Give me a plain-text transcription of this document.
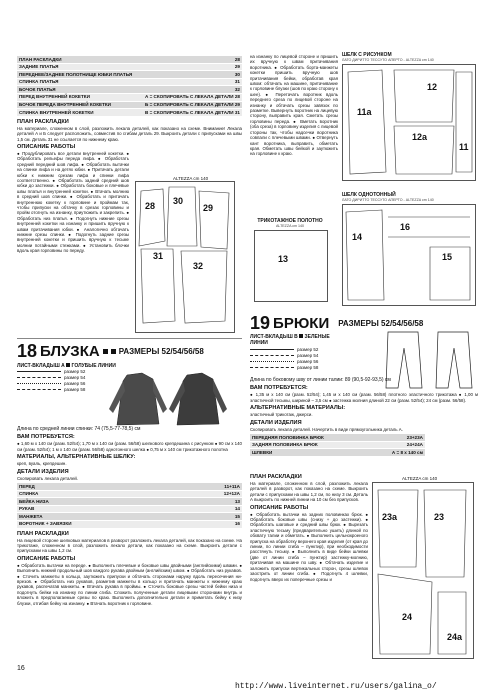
ПЛАН РАСКЛАДКИ	28
ЗАДНИЕ ПЛАТЬЯ	29
ПЕРЕДНЕЕ/ЗАДНЕЕ ПОЛОТНИЩЕ ЮБКИ ПЛАТЬЯ	30
СПИНКА ПЛАТЬЯ	31
БОЧОК ПЛАТЬЯ	32
ПЕРЕД ВНУТРЕННЕЙ КОКЕТКИ	А = СКОПИРОВАТЬ С ЛЕКАЛА ДЕТАЛИ 28
БОЧОК ПЕРЕДА ВНУТРЕННЕЙ КОКЕТКИ	Б = СКОПИРОВАТЬ С ЛЕКАЛА ДЕТАЛИ 29
СПИНКА ВНУТРЕННЕЙ КОКЕТКИ	В = СКОПИРОВАТЬ С ЛЕКАЛА ДЕТАЛИ 31
ПЛАН РАСКЛАДКИ

На материале, сложенном в слой, разложить лекала деталей, как показано на схеме. Внимание! Лекала деталей А и Б следует расположить, совместив по сгибам деталь 29. Выкроить детали с припусками на швы 1,5 см. Деталь 31 не ссылается по нижнему краю.

ОПИСАНИЕ РАБОТЫ

● Продублировать все детали внутренней кокетки. ● Обработать рельефы переда лифа. ● Обработать средний передний шов лифа. ● Обработать вытачки на спинке лифа и на детях юбки. ● Притачать детали юбки к нижним срезам лифа и спинки лифа соответственно. ● Обработать задний средний шов юбки до застежки. ● Обработать боковые и плечевые швы платья и внутренней кокетки. ● Втачать молнию в средний шов спинки. ● Обработать и притачать внутреннюю кокетку к горловине и проймам так, чтобы припуски на обтачку в срезах горловины и пройм отогнуть на изнанку, приутюжить и закрепить. ● Обработать низ платья. ● Подогнуть нижние срезы внутренней кокетки на изнанку и пришить вручную к швам притачивания юбки. ● Аналогично обтачать нижние срезы спинки. ● Подогнуть задние срезы внутренней кокетки и пришить вручную к тесьме молнии потайными стежками. ● Установить блочки вдоль края горловины по переду.

ALTEZZA cm 140
28 30
29
31
32
18 БЛУЗКА РАЗМЕРЫ 52/54/56/58
ЛИСТ-ВКЛАДЫШ А ГОЛУБЫЕ ЛИНИИ
размер 52
размер 54
размер 56
размер 58

Длина по средней линии спинки: 74 (75,5-77-78,5) см

ВАМ ПОТРЕБУЕТСЯ:

● 1,60 м х 140 см (разм. 52/54); 1,70 м х 140 см (разм. 56/58) шелкового крепдешина с рисунком ● 90 см х 140 см (разм. 52/54); 1 м х 140 см (разм. 56/58) однотонного шелка ● 0,75 м х 140 см трикотажного полотна

МАТЕРИАЛЫ, АЛЬТЕРНАТИВНЫЕ ШЕЛКУ:

креп, вуаль, крепдешин.

ДЕТАЛИ ИЗДЕЛИЯ

Скопировать лекала деталей.

ПЕРЕД	11+11А
СПИНКА	12+12А
БЕЙКА НИЗА	13
РУКАВ	14
МАНЖЕТА	15
ВОРОТНИК + ЗАВЯЗКИ	16
ПЛАН РАСКЛАДКИ

На лицевой стороне шелковых материалов в разворот разложить лекала деталей, как показано на схеме. На трикотаже, сложенном в слой, разложить лекало детали, как показано на схеме. Выкроить детали с припусками на швы 1,2 см.

ОПИСАНИЕ РАБОТЫ

● Обработать вытачки на переде. ● Выполнить плечевые и боковые швы двойными (английскими) швами. ● Выполнить нижний продольный шов каждого рукава двойным (английским) швом. ● Обработать низ рукавов. ● Сточить манжеты в кольцо, заутюжить припуски и обтачать сторонами наружу вдоль пересечения ни-врезов. ● Обработать низ рукавов, разметив манжеты в кольцо и притачать манжеты к нижнему краю рукавов, распечатав манжеты. ● Втачать рукава в проймы. ● Сточить боковые срезы частей бейки низа и подогнуть бейки на изнанку по линии сгиба. Сложить полученные детали лицевыми сторонами внутрь и вложить в предполагаемые срезы по краю. Выполнить дополнительно детали и приметать бейку к низу блузки, отгибая бейку на изнанку. ● Втачать воротник к горловине.

на изнанку по лицевой стороне и пришить их вручную к швам притачивания воротника. ● Обработать борта-манжеты кокетки пришить вручную шов притачивания бейки, обработав края швом: обтачать на машине, притачивание к горловине блузки (шов по краю сторону к шее). ● Перетачать воротник вдоль переднего среза по лицевой стороне на изнанку и обтачать срезы завязок по разметке. Вывернуть воротник на лицевую сторону, выправить края. Сметать срезы горловины переда. ● Вметать воротник (оба среза) в горловину изделия с лицевой стороны так, чтобы надсечки воротника совпали с плечевыми швами. ● Отвернуть кант воротника, выправить, обметать края. Обметать швы бейкой и заутюжить на горловине к краю.

ШЕЛК С РИСУНКОМ
ЛАТО ДИРИТТО ТЕССУТО АПЕРТО - ALTEZZA cm 140
11a
12
12a
11
ТРИКОТАЖНОЕ ПОЛОТНО
ALTEZZA cm 140
13
ШЕЛК ОДНОТОННЫЙ
ЛАТО ДИРИТТО ТЕССУТО АПЕРТО - ALTEZZA cm 140
14
16
15
19 БРЮКИ РАЗМЕРЫ 52/54/56/58
ЛИСТ-ВКЛАДЫШ В ЗЕЛЕНЫЕ ЛИНИИ
размер 52
размер 54
размер 56
размер 58

Длина по боковому шву от линии талии: 89 (90,5-92-93,5) см

ВАМ ПОТРЕБУЕТСЯ:

● 1,35 м х 140 см (разм. 52/54); 1,45 м х 140 см (разм. 56/58) плотного эластичного трикотажа ● 1,00 м эластичной тесьмы, шириной – 3,5 см ● застежка молния длиной 22 см (разм. 52/54); 24 см (разм. 56/58).

АЛЬТЕРНАТИВНЫЕ МАТЕРИАЛЫ:

эластичный трикотаж, джерси.

ДЕТАЛИ ИЗДЕЛИЯ

Скопировать лекала деталей. Начертить в виде прямоугольника деталь А.

ПЕРЕДНЯЯ ПОЛОВИНКА БРЮК	23+23А
ЗАДНЯЯ ПОЛОВИНКА БРЮК	24+24А
ШЛЕВКИ	А = 8 x 140 см
ПЛАН РАСКЛАДКИ

На материале, сложенном в слой, разложить лекала деталей в разворот, как показано на схеме. Выкроить детали с припусками на швы 1,2 см, по низу 3 см. Деталь А выкроить по нижней линии на 10 см без припусков.

ОПИСАНИЕ РАБОТЫ

● Обработать вытачки на задних половинках брюк. ● Обработать боковые швы (снизу + до застежки). ● Обработать шаговые и средний швы брюк. ● Вырезать эластичную тесьму (предварительно ушить) длиной по обхвату талии и обметать. ● Выполнить цельнокроеного припуска на обработку верхнего края изделия (от края до линии, по линии сгиба – пунктир), при необходимости расстянуть тесьму. ● Выполнить в виде бейки шлевки (две от линии сгиба – пунктир) застежку-молнию, притачивая на машине по шву. ● Обтачать изделие и заложить припуски вертикальных сторон, срезы шлевок заострить от линии сгиба. ● Подогнуть 4 шлевки, подогнуть вверх их поперечные срезы и

ALTEZZA cm 140
23a	23
24
24a
16
http://www.liveinternet.ru/users/galina_o/
